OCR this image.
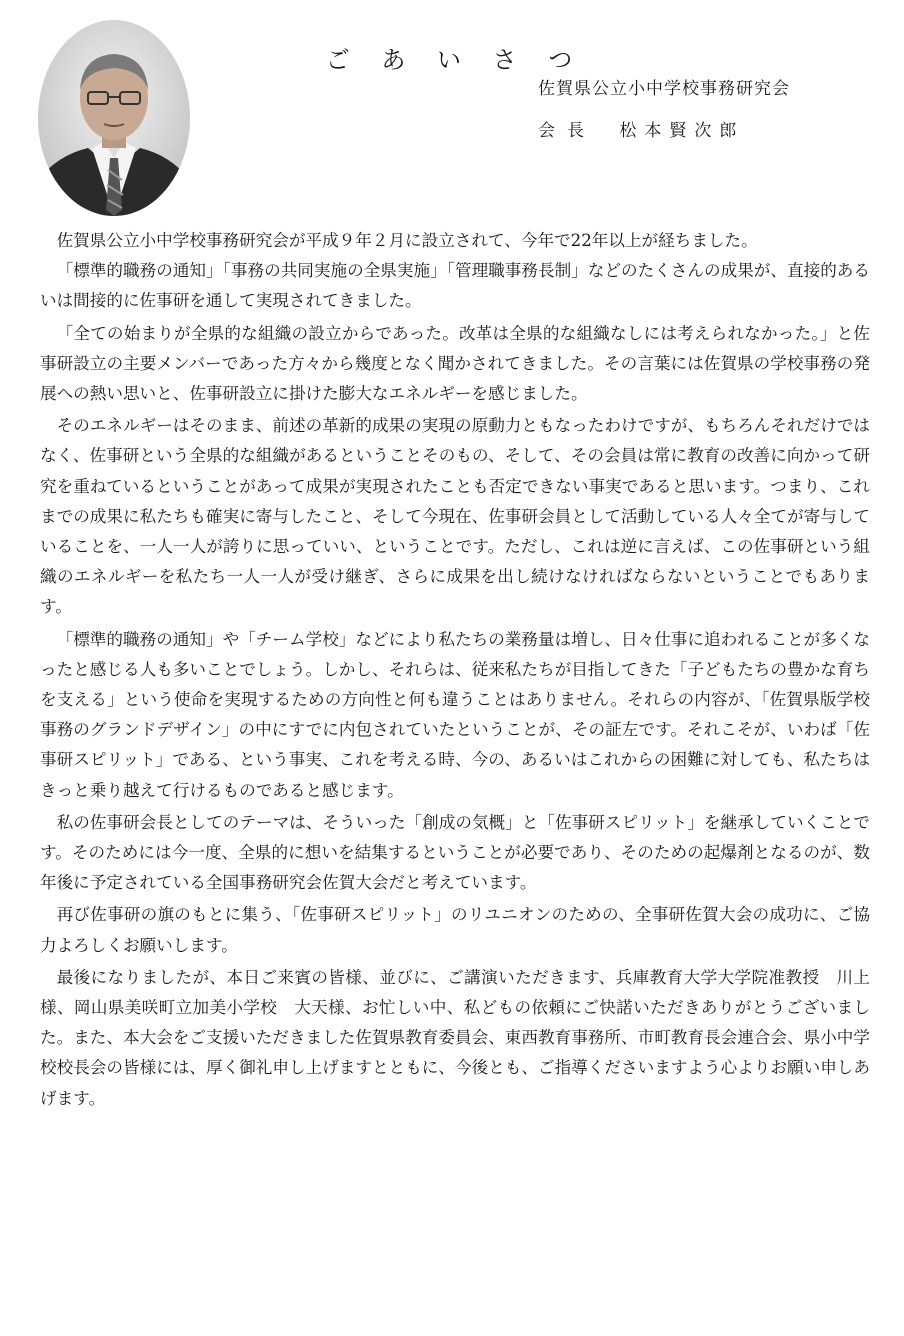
ご あ い さ つ
佐賀県公立小中学校事務研究会
会長 松本賢次郎

佐賀県公立小中学校事務研究会が平成９年２月に設立されて、今年で22年以上が経ちました。

「標準的職務の通知」「事務の共同実施の全県実施」「管理職事務長制」などのたくさんの成果が、直接的あるいは間接的に佐事研を通して実現されてきました。

「全ての始まりが全県的な組織の設立からであった。改革は全県的な組織なしには考えられなかった。」と佐事研設立の主要メンバーであった方々から幾度となく聞かされてきました。その言葉には佐賀県の学校事務の発展への熱い思いと、佐事研設立に掛けた膨大なエネルギーを感じました。

そのエネルギーはそのまま、前述の革新的成果の実現の原動力ともなったわけですが、もちろんそれだけではなく、佐事研という全県的な組織があるということそのもの、そして、その会員は常に教育の改善に向かって研究を重ねているということがあって成果が実現されたことも否定できない事実であると思います。つまり、これまでの成果に私たちも確実に寄与したこと、そして今現在、佐事研会員として活動している人々全てが寄与していることを、一人一人が誇りに思っていい、ということです。ただし、これは逆に言えば、この佐事研という組織のエネルギーを私たち一人一人が受け継ぎ、さらに成果を出し続けなければならないということでもあります。

「標準的職務の通知」や「チーム学校」などにより私たちの業務量は増し、日々仕事に追われることが多くなったと感じる人も多いことでしょう。しかし、それらは、従来私たちが目指してきた「子どもたちの豊かな育ちを支える」という使命を実現するための方向性と何も違うことはありません。それらの内容が、「佐賀県版学校事務のグランドデザイン」の中にすでに内包されていたということが、その証左です。それこそが、いわば「佐事研スピリット」である、という事実、これを考える時、今の、あるいはこれからの困難に対しても、私たちはきっと乗り越えて行けるものであると感じます。

私の佐事研会長としてのテーマは、そういった「創成の気概」と「佐事研スピリット」を継承していくことです。そのためには今一度、全県的に想いを結集するということが必要であり、そのための起爆剤となるのが、数年後に予定されている全国事務研究会佐賀大会だと考えています。

再び佐事研の旗のもとに集う、「佐事研スピリット」のリユニオンのための、全事研佐賀大会の成功に、ご協力よろしくお願いします。

最後になりましたが、本日ご来賓の皆様、並びに、ご講演いただきます、兵庫教育大学大学院准教授　川上様、岡山県美咲町立加美小学校　大天様、お忙しい中、私どもの依頼にご快諾いただきありがとうございました。また、本大会をご支援いただきました佐賀県教育委員会、東西教育事務所、市町教育長会連合会、県小中学校校長会の皆様には、厚く御礼申し上げますとともに、今後とも、ご指導くださいますよう心よりお願い申しあげます。
